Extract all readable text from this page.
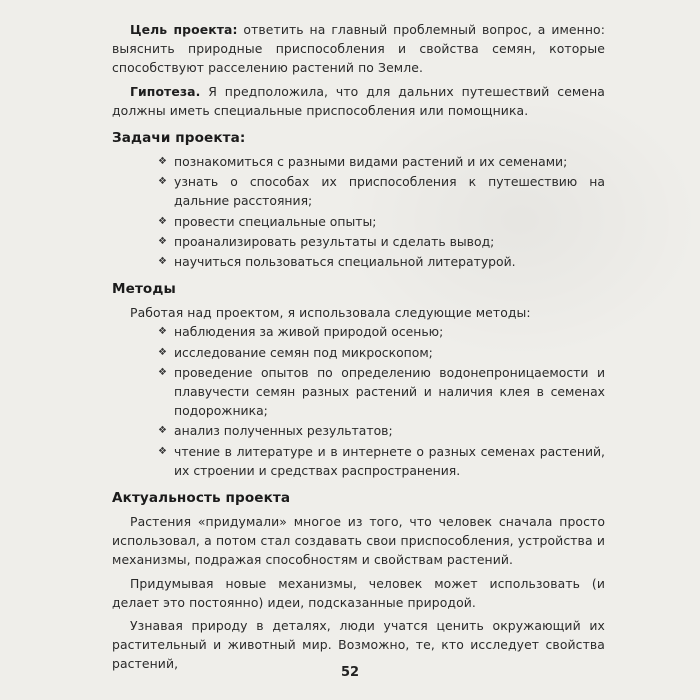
Цель проекта: ответить на главный проблемный вопрос, а именно: выяснить природные приспособления и свойства семян, которые способствуют расселению растений по Земле.

Гипотеза. Я предположила, что для дальних путешествий семена должны иметь специальные приспособления или помощника.

Задачи проекта:
❖ познакомиться с разными видами растений и их семенами;
❖ узнать о способах их приспособления к путешествию на дальние расстояния;
❖ провести специальные опыты;
❖ проанализировать результаты и сделать вывод;
❖ научиться пользоваться специальной литературой.
Методы

Работая над проектом, я использовала следующие методы:

❖ наблюдения за живой природой осенью;
❖ исследование семян под микроскопом;
❖ проведение опытов по определению водонепроницаемости и плавучести семян разных растений и наличия клея в семенах подорожника;
❖ анализ полученных результатов;
❖ чтение в литературе и в интернете о разных семенах растений, их строении и средствах распространения.
Актуальность проекта

Растения «придумали» многое из того, что человек сначала просто использовал, а потом стал создавать свои приспособления, устройства и механизмы, подражая способностям и свойствам растений.

Придумывая новые механизмы, человек может использовать (и делает это постоянно) идеи, подсказанные природой.

Узнавая природу в деталях, люди учатся ценить окружающий их растительный и животный мир. Возможно, те, кто исследует свойства растений,

52
